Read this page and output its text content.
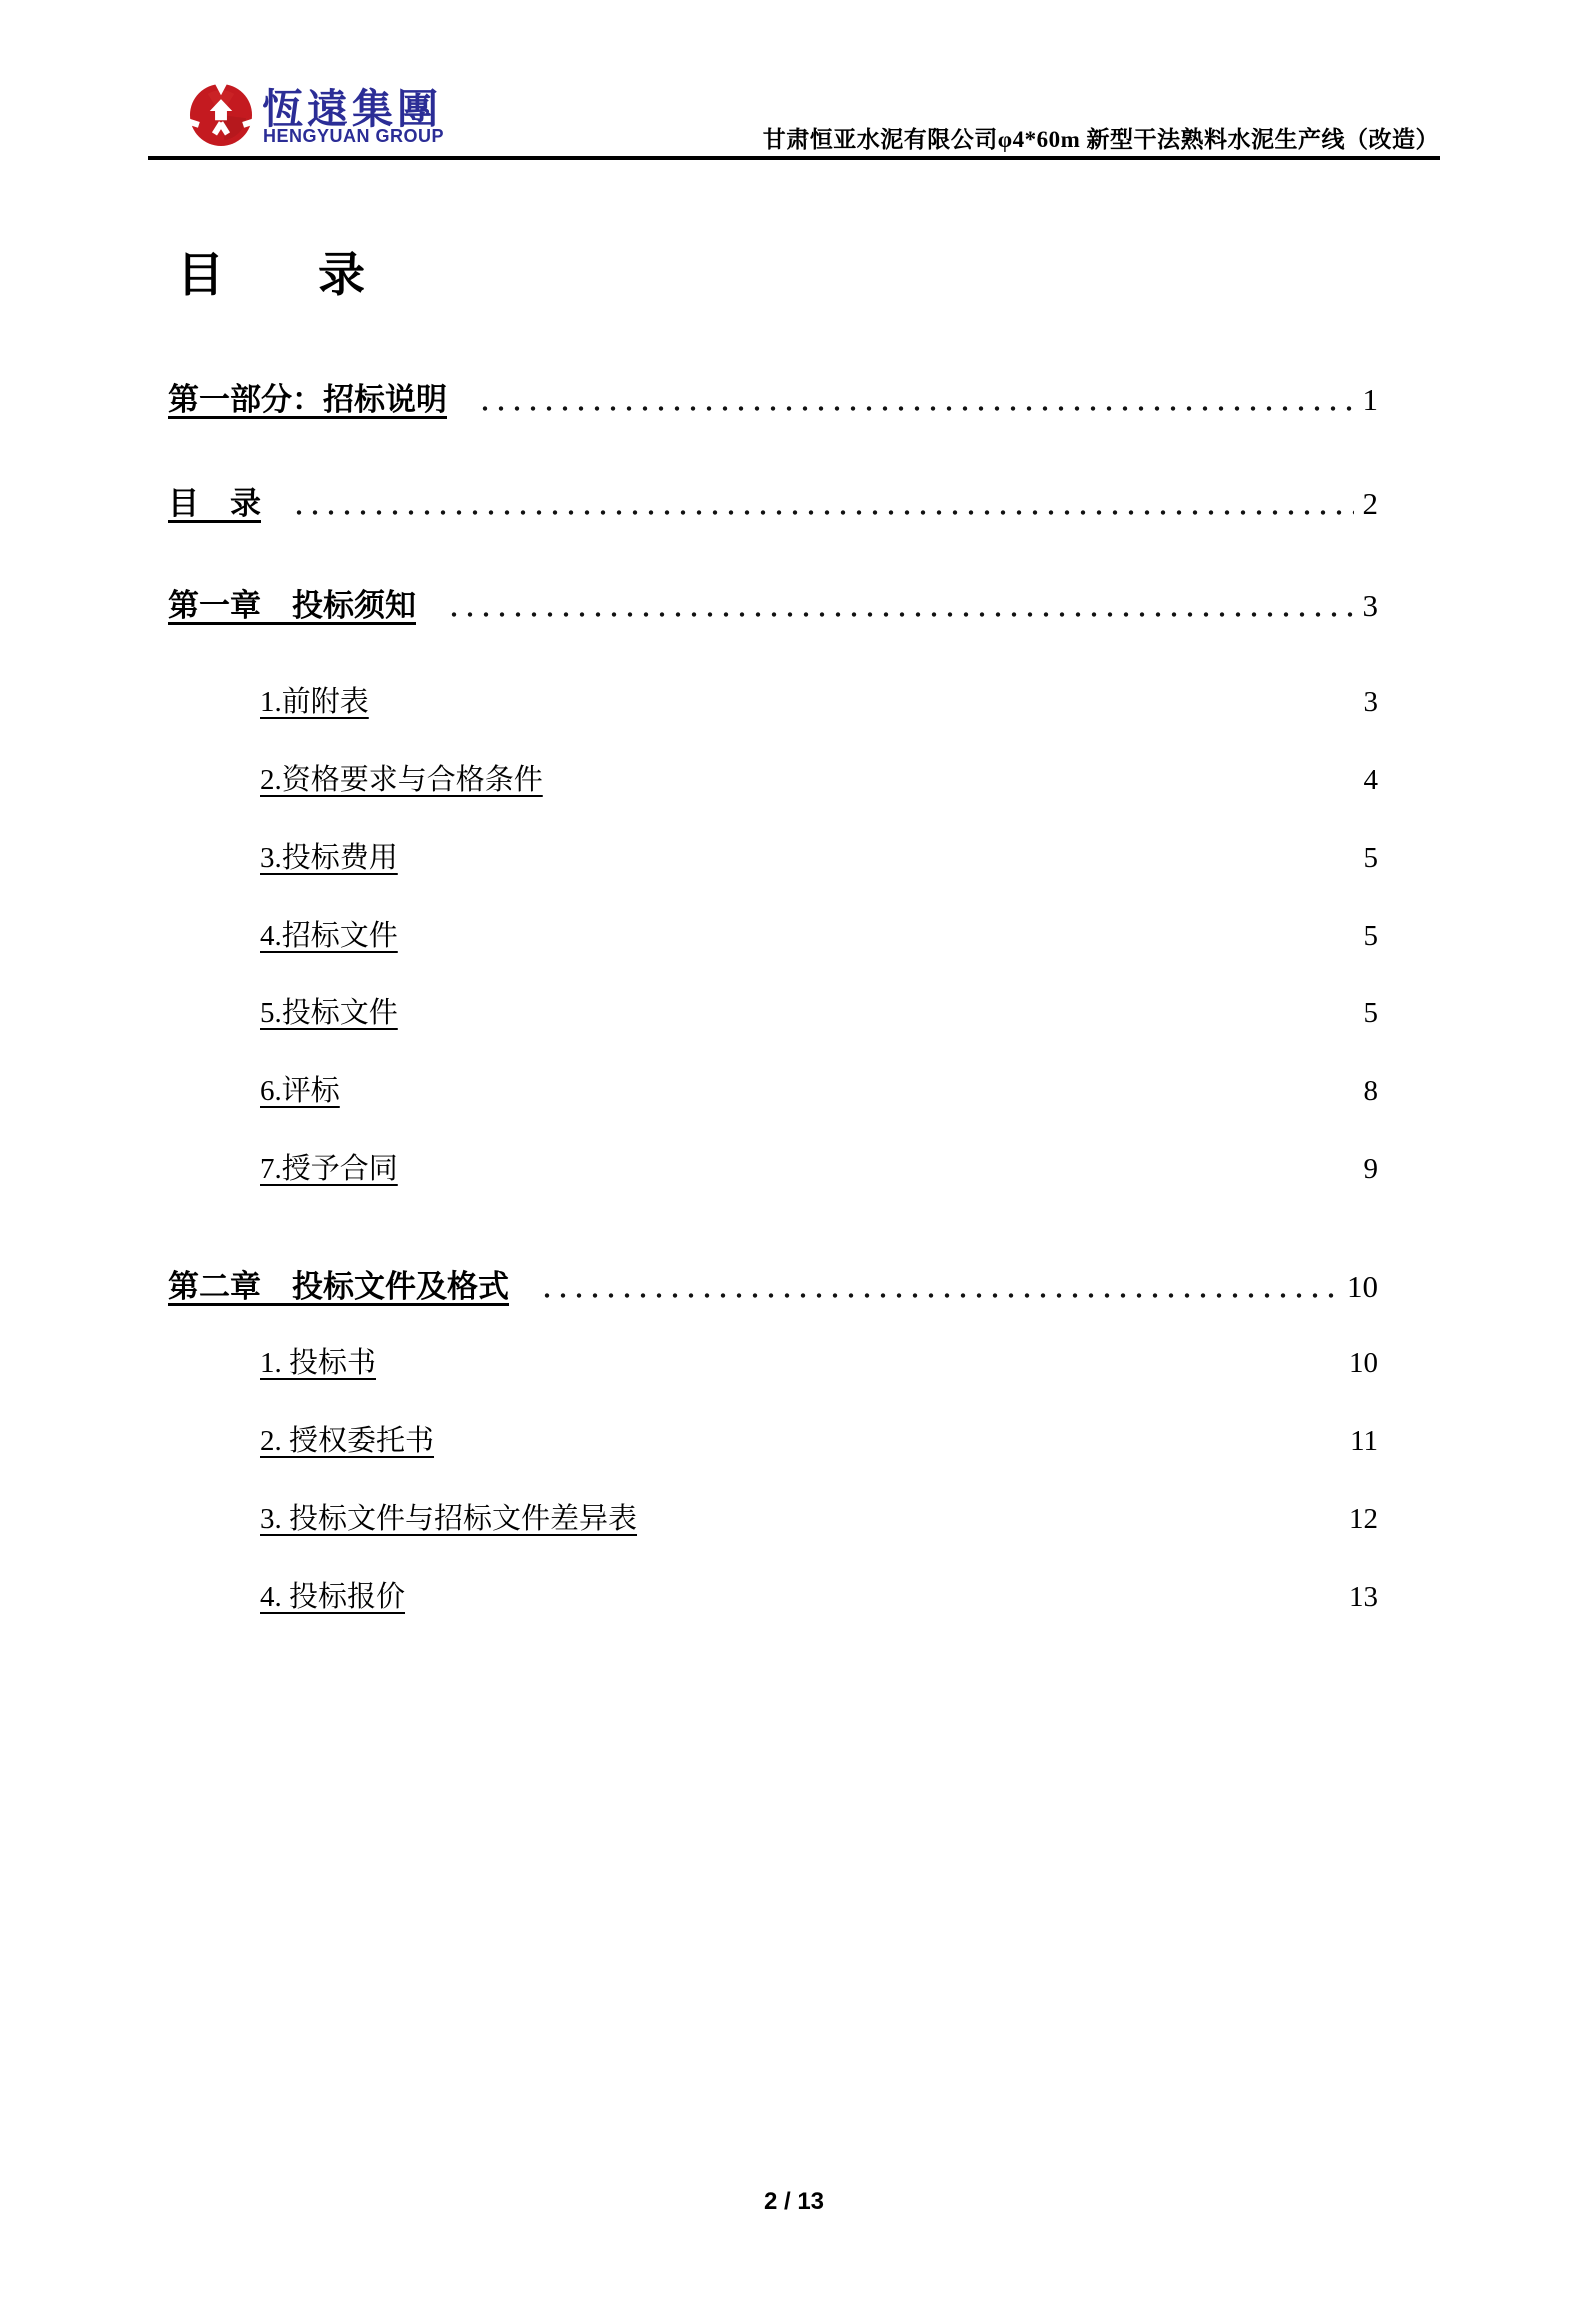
恆遠集團
HENGYUAN GROUP	甘肃恒亚水泥有限公司φ4*60m 新型干法熟料水泥生产线（改造）
目　　录
第一部分：招标说明	1
目　录	2
第一章　投标须知	3
1.前附表	3
2.资格要求与合格条件	4
3.投标费用	5
4.招标文件	5
5.投标文件	5
6.评标	8
7.授予合同	9
第二章　投标文件及格式	10
1. 投标书	10
2. 授权委托书	11
3. 投标文件与招标文件差异表	12
4. 投标报价	13
2 / 13
